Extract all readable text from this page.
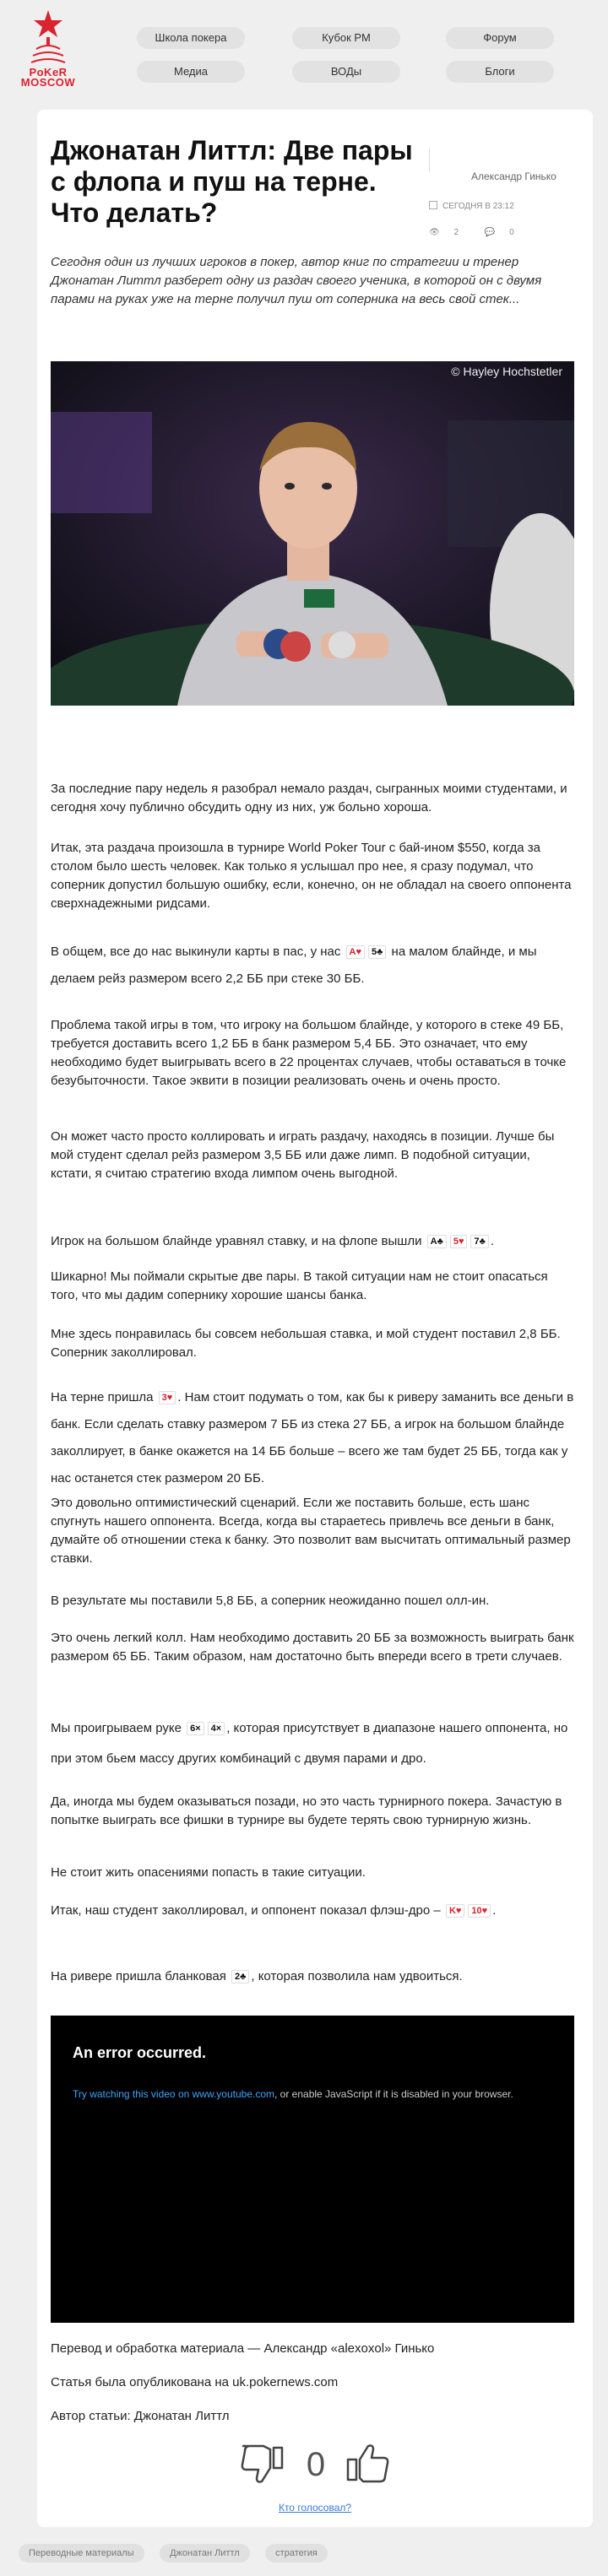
PoKeR
MOSCOW
Школа покера	Кубок РМ	Форум
Медиа	ВОДы	Блоги
Джонатан Литтл: Две пары с флопа и пуш на терне. Что делать?
Александр Гинько
СЕГОДНЯ В 23:12
👁 2	💬 0

Сегодня один из лучших игроков в покер, автор книг по стратегии и тренер Джонатан Литтл разберет одну из раздач своего ученика, в которой он с двумя парами на руках уже на терне получил пуш от соперника на весь свой стек...

© Hayley Hochstetler

За последние пару недель я разобрал немало раздач, сыгранных моими студентами, и сегодня хочу публично обсудить одну из них, уж больно хороша.

Итак, эта раздача произошла в турнире World Poker Tour с бай-ином $550, когда за столом было шесть человек. Как только я услышал про нее, я сразу подумал, что соперник допустил большую ошибку, если, конечно, он не обладал на своего оппонента сверхнадежными ридсами.

В общем, все до нас выкинули карты в пас, у нас A♥ 5♣ на малом блайнде, и мы делаем рейз размером всего 2,2 ББ при стеке 30 ББ.

Проблема такой игры в том, что игроку на большом блайнде, у которого в стеке 49 ББ, требуется доставить всего 1,2 ББ в банк размером 5,4 ББ. Это означает, что ему необходимо будет выигрывать всего в 22 процентах случаев, чтобы оставаться в точке безубыточности. Такое эквити в позиции реализовать очень и очень просто.

Он может часто просто коллировать и играть раздачу, находясь в позиции. Лучше бы мой студент сделал рейз размером 3,5 ББ или даже лимп. В подобной ситуации, кстати, я считаю стратегию входа лимпом очень выгодной.

Игрок на большом блайнде уравнял ставку, и на флопе вышли A♣ 5♥ 7♣ .

Шикарно! Мы поймали скрытые две пары. В такой ситуации нам не стоит опасаться того, что мы дадим сопернику хорошие шансы банка.

Мне здесь понравилась бы совсем небольшая ставка, и мой студент поставил 2,8 ББ. Соперник заколлировал.

На терне пришла 3♥ . Нам стоит подумать о том, как бы к риверу заманить все деньги в банк. Если сделать ставку размером 7 ББ из стека 27 ББ, а игрок на большом блайнде заколлирует, в банке окажется на 14 ББ больше – всего же там будет 25 ББ, тогда как у нас останется стек размером 20 ББ.

Это довольно оптимистический сценарий. Если же поставить больше, есть шанс спугнуть нашего оппонента. Всегда, когда вы стараетесь привлечь все деньги в банк, думайте об отношении стека к банку. Это позволит вам высчитать оптимальный размер ставки.

В результате мы поставили 5,8 ББ, а соперник неожиданно пошел олл-ин.

Это очень легкий колл. Нам необходимо доставить 20 ББ за возможность выиграть банк размером 65 ББ. Таким образом, нам достаточно быть впереди всего в трети случаев.

Мы проигрываем руке 6× 4× , которая присутствует в диапазоне нашего оппонента, но при этом бьем массу других комбинаций с двумя парами и дро.

Да, иногда мы будем оказываться позади, но это часть турнирного покера. Зачастую в попытке выиграть все фишки в турнире вы будете терять свою турнирную жизнь.

Не стоит жить опасениями попасть в такие ситуации.

Итак, наш студент заколлировал, и оппонент показал флэш-дро – K♥ 10♥ .

На ривере пришла бланковая 2♣ , которая позволила нам удвоиться.

An error occurred.
Try watching this video on www.youtube.com, or enable JavaScript if it is disabled in your browser.

Перевод и обработка материала — Александр «alexoxol» Гинько

Статья была опубликована на uk.pokernews.com

Автор статьи: Джонатан Литтл

0
Кто голосовал?
Переводные материалы	Джонатан Литтл	стратегия
